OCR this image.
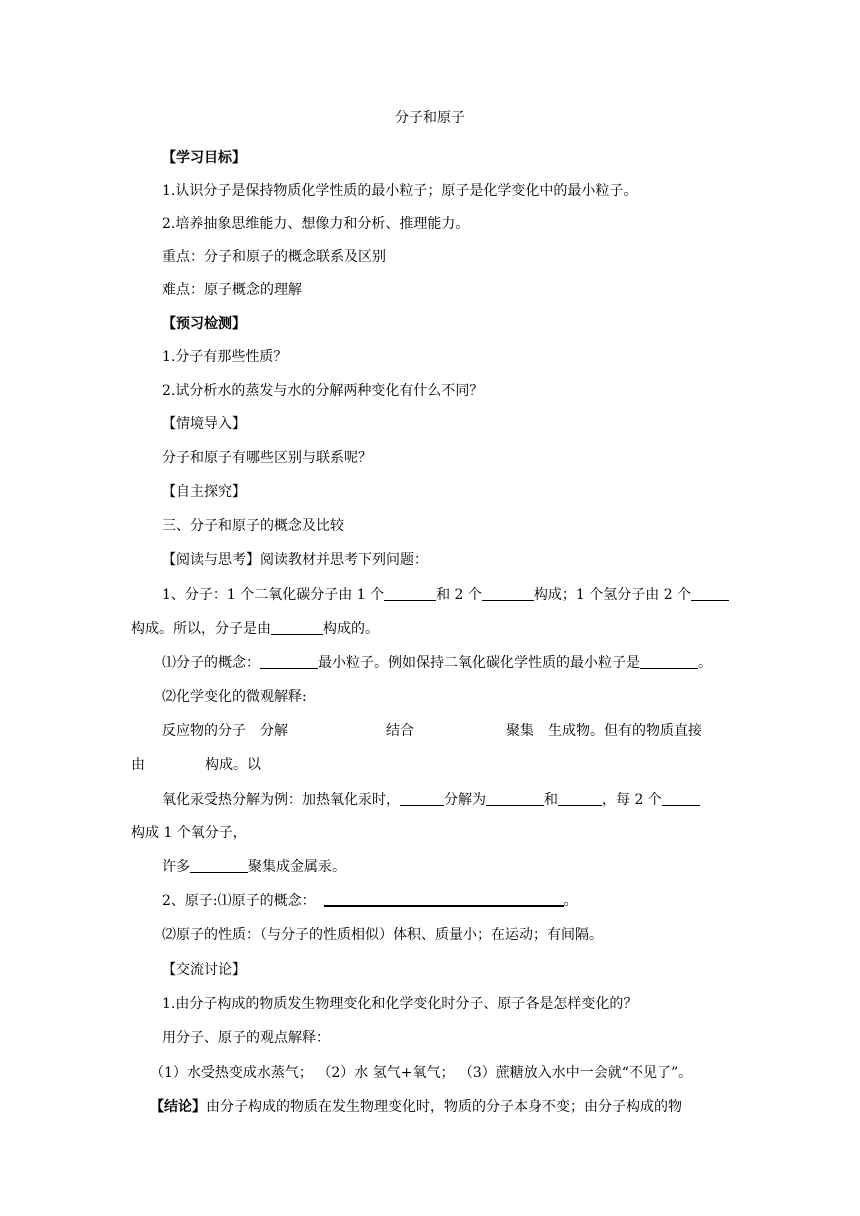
分子和原子
【学习目标】
1.认识分子是保持物质化学性质的最小粒子；原子是化学变化中的最小粒子。
2.培养抽象思维能力、想像力和分析、推理能力。
重点：分子和原子的概念联系及区别
难点：原子概念的理解
【预习检测】
1.分子有那些性质？
2.试分析水的蒸发与水的分解两种变化有什么不同？
【情境导入】
分子和原子有哪些区别与联系呢？
【自主探究】
三、分子和原子的概念及比较
【阅读与思考】阅读教材并思考下列问题：
1、分子：1 个二氧化碳分子由 1 个	和 2 个	构成；1 个氢分子由 2 个
构成。所以，分子是由	构成的。
⑴分子的概念：	最小粒子。例如保持二氧化碳化学性质的最小粒子是	。
⑵化学变化的微观解释:
反应物的分子 分解	结合	聚集 生成物。但有的物质直接
由	构成。以
氧化汞受热分解为例：加热氧化汞时，	分解为	和	，每 2 个
构成 1 个氧分子，
许多	聚集成金属汞。
2、原子:⑴原子的概念：	。
⑵原子的性质：（与分子的性质相似）体积、质量小；在运动；有间隔。
【交流讨论】
1.由分子构成的物质发生物理变化和化学变化时分子、原子各是怎样变化的？
用分子、原子的观点解释：
（1）水受热变成水蒸气； （2）水 氢气+氧气； （3）蔗糖放入水中一会就“不见了”。
【结论】由分子构成的物质在发生物理变化时，物质的分子本身不变；由分子构成的物
